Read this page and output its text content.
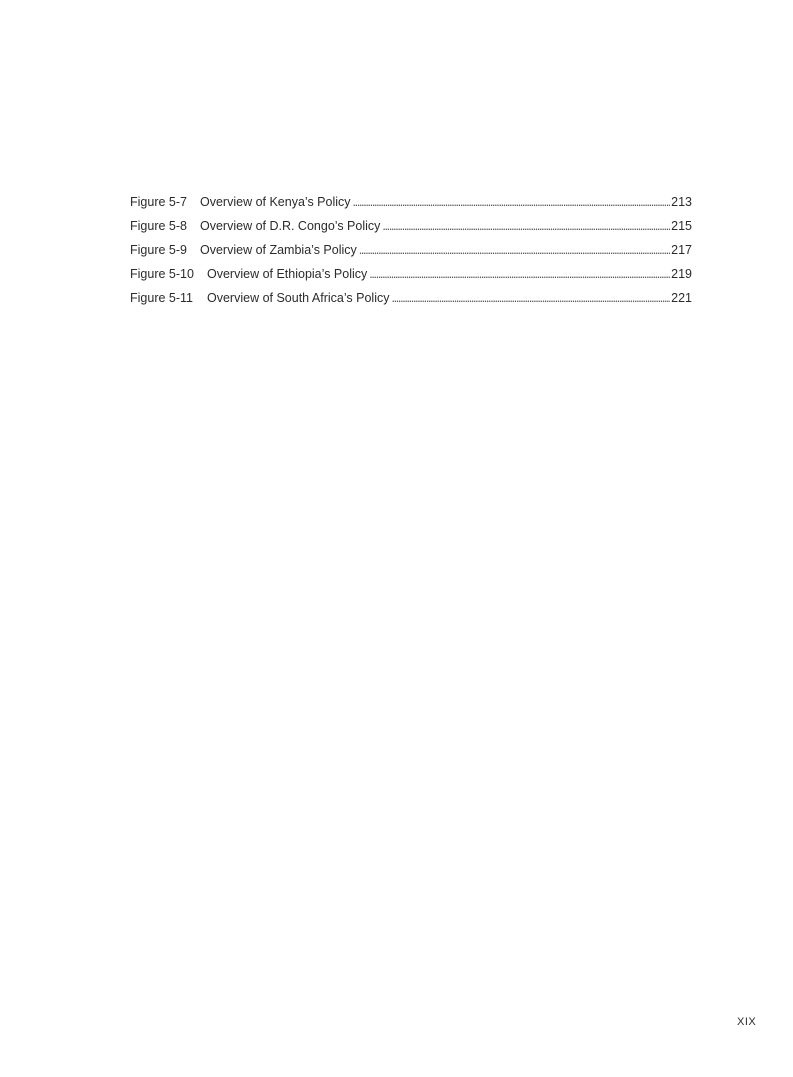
Figure 5-7	Overview of Kenya’s Policy . . .	213
Figure 5-8	Overview of D.R. Congo’s Policy . . .	215
Figure 5-9	Overview of Zambia’s Policy . . .	217
Figure 5-10	Overview of Ethiopia’s Policy . . .	219
Figure 5-11	Overview of South Africa’s Policy . . .	221
XIX
